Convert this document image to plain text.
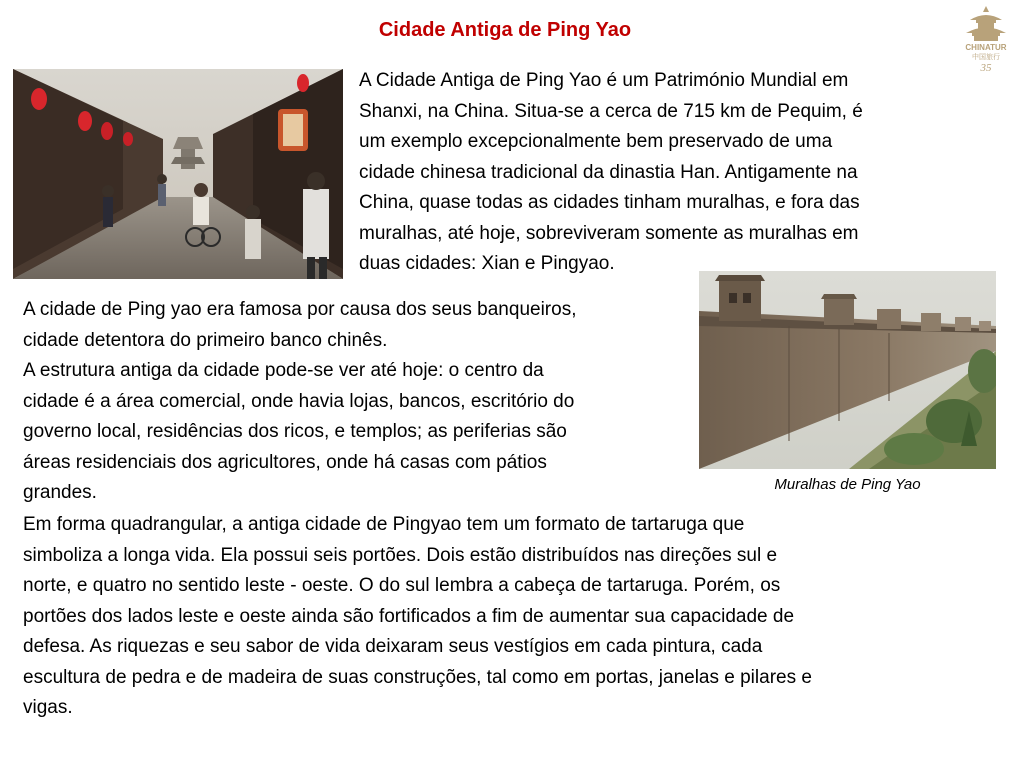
Cidade Antiga de Ping Yao
CHINATUR
中国旅行
35
A Cidade Antiga de Ping Yao é um Património Mundial em
Shanxi, na China. Situa-se a cerca de 715 km de Pequim, é
um exemplo excepcionalmente bem preservado de uma
cidade chinesa tradicional da dinastia Han. Antigamente na
China, quase todas as cidades tinham muralhas, e fora das
muralhas, até hoje, sobreviveram somente as muralhas em
duas cidades: Xian e Pingyao.
Muralhas de Ping Yao
A cidade de Ping yao era famosa por causa dos seus banqueiros,
cidade detentora do primeiro banco chinês.
A estrutura antiga da cidade pode-se ver até hoje: o centro da
cidade é a área comercial, onde havia lojas, bancos, escritório do
governo local, residências dos ricos, e templos; as periferias são
áreas residenciais dos agricultores, onde há casas com pátios
grandes.
Em forma quadrangular, a antiga cidade de Pingyao tem um formato de tartaruga que
simboliza a longa vida. Ela possui seis portões. Dois estão distribuídos nas direções sul e
norte, e quatro no sentido leste - oeste. O do sul lembra a cabeça de tartaruga. Porém, os
portões dos lados leste e oeste ainda são fortificados a fim de aumentar sua capacidade de
defesa. As riquezas e seu sabor de vida deixaram seus vestígios em cada pintura, cada
escultura de pedra e de madeira de suas construções, tal como em portas, janelas e pilares e
vigas.
